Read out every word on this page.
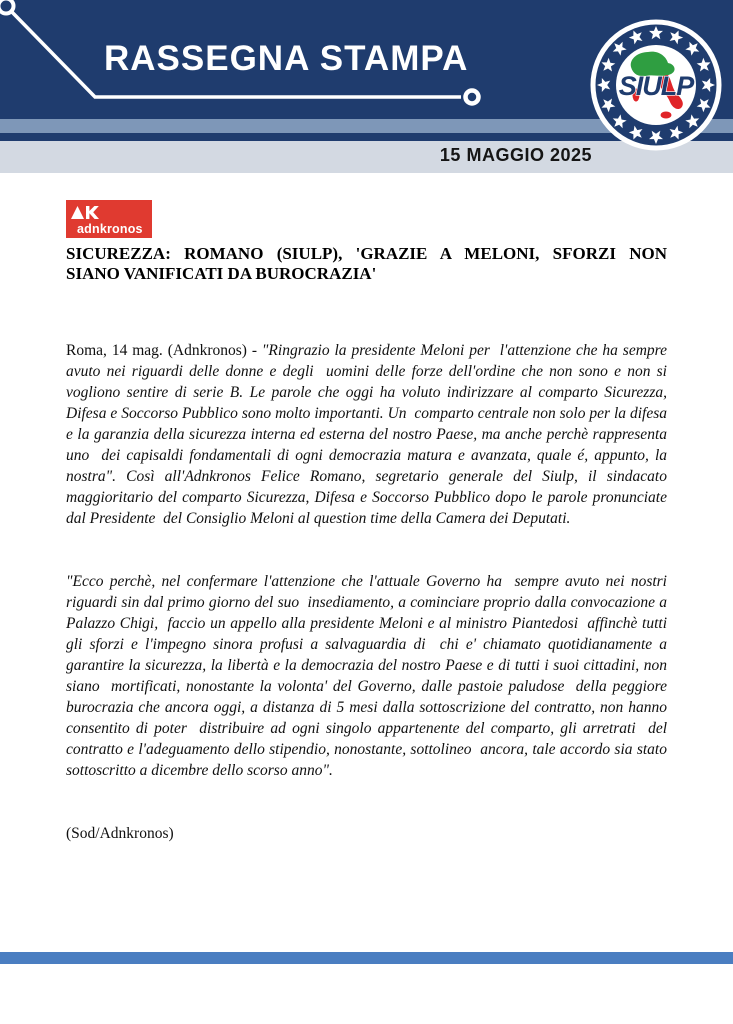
RASSEGNA STAMPA
15 MAGGIO 2025
SIULP
adnkronos
SICUREZZA: ROMANO (SIULP), 'GRAZIE A MELONI, SFORZI NON
SIANO VANIFICATI DA BUROCRAZIA'

Roma, 14 mag. (Adnkronos) - "Ringrazio la presidente Meloni per  l'attenzione che ha sempre avuto nei riguardi delle donne e degli  uomini delle forze dell'ordine che non sono e non si vogliono sentire di serie B. Le parole che oggi ha voluto indirizzare al comparto Sicurezza, Difesa e Soccorso Pubblico sono molto importanti. Un  comparto centrale non solo per la difesa e la garanzia della sicurezza interna ed esterna del nostro Paese, ma anche perchè rappresenta uno  dei capisaldi fondamentali di ogni democrazia matura e avanzata, quale é, appunto, la nostra". Così all'Adnkronos Felice Romano, segretario generale del Siulp, il sindacato maggioritario del comparto Sicurezza, Difesa e Soccorso Pubblico dopo le parole pronunciate dal Presidente  del Consiglio Meloni al question time della Camera dei Deputati.

"Ecco perchè, nel confermare l'attenzione che l'attuale Governo ha  sempre avuto nei nostri riguardi sin dal primo giorno del suo  insediamento, a cominciare proprio dalla convocazione a Palazzo Chigi,  faccio un appello alla presidente Meloni e al ministro Piantedosi  affinchè tutti gli sforzi e l'impegno sinora profusi a salvaguardia di  chi e' chiamato quotidianamente a garantire la sicurezza, la libertà e la democrazia del nostro Paese e di tutti i suoi cittadini, non siano  mortificati, nonostante la volonta' del Governo, dalle pastoie paludose  della peggiore burocrazia che ancora oggi, a distanza di 5 mesi dalla sottoscrizione del contratto, non hanno consentito di poter  distribuire ad ogni singolo appartenente del comparto, gli arretrati  del contratto e l'adeguamento dello stipendio, nonostante, sottolineo  ancora, tale accordo sia stato sottoscritto a dicembre dello scorso anno".

(Sod/Adnkronos)
